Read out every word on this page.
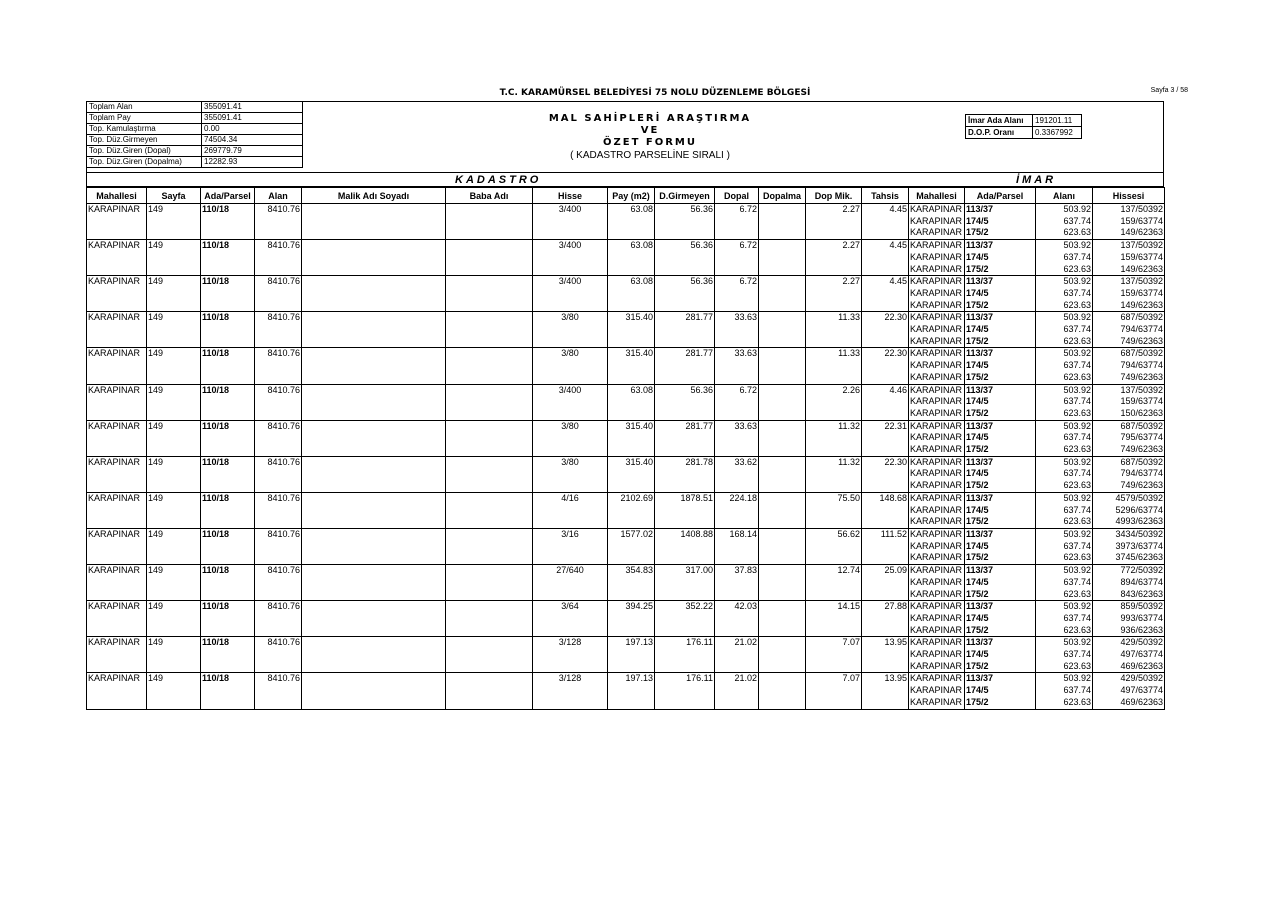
Sayfa 3 / 58
T.C. KARAMÜRSEL BELEDİYESİ 75 NOLU DÜZENLEME BÖLGESİ
Toplam Alan	355091.41
Toplam Pay	355091.41
Top. Kamulaştırma	0.00
Top. Düz.Girmeyen	74504.34
Top. Düz.Giren (Dopal)	269779.79
Top. Düz.Giren (Dopalma)	12282.93
MAL SAHİPLERİ ARAŞTIRMA
VE
ÖZET FORMU
( KADASTRO PARSELİNE SIRALI )
İmar Ada Alanı	191201.11
D.O.P. Oranı	0.3367992
KADASTRO	İMAR
Mahallesi	Sayfa	Ada/Parsel	Alan	Malik Adı Soyadı	Baba Adı	Hisse	Pay (m2)	D.Girmeyen	Dopal	Dopalma	Dop Mik.	Tahsis	Mahallesi	Ada/Parsel	Alanı	Hissesi
KARAPINAR	149	110/18	8410.76			3/400	63.08	56.36	6.72		2.27	4.45	KARAPINAR	113/37	503.92	137/50392
													KARAPINAR	174/5	637.74	159/63774
													KARAPINAR	175/2	623.63	149/62363
KARAPINAR	149	110/18	8410.76			3/400	63.08	56.36	6.72		2.27	4.45	KARAPINAR	113/37	503.92	137/50392
													KARAPINAR	174/5	637.74	159/63774
													KARAPINAR	175/2	623.63	149/62363
KARAPINAR	149	110/18	8410.76			3/400	63.08	56.36	6.72		2.27	4.45	KARAPINAR	113/37	503.92	137/50392
													KARAPINAR	174/5	637.74	159/63774
													KARAPINAR	175/2	623.63	149/62363
KARAPINAR	149	110/18	8410.76			3/80	315.40	281.77	33.63		11.33	22.30	KARAPINAR	113/37	503.92	687/50392
													KARAPINAR	174/5	637.74	794/63774
													KARAPINAR	175/2	623.63	749/62363
KARAPINAR	149	110/18	8410.76			3/80	315.40	281.77	33.63		11.33	22.30	KARAPINAR	113/37	503.92	687/50392
													KARAPINAR	174/5	637.74	794/63774
													KARAPINAR	175/2	623.63	749/62363
KARAPINAR	149	110/18	8410.76			3/400	63.08	56.36	6.72		2.26	4.46	KARAPINAR	113/37	503.92	137/50392
													KARAPINAR	174/5	637.74	159/63774
													KARAPINAR	175/2	623.63	150/62363
KARAPINAR	149	110/18	8410.76			3/80	315.40	281.77	33.63		11.32	22.31	KARAPINAR	113/37	503.92	687/50392
													KARAPINAR	174/5	637.74	795/63774
													KARAPINAR	175/2	623.63	749/62363
KARAPINAR	149	110/18	8410.76			3/80	315.40	281.78	33.62		11.32	22.30	KARAPINAR	113/37	503.92	687/50392
													KARAPINAR	174/5	637.74	794/63774
													KARAPINAR	175/2	623.63	749/62363
KARAPINAR	149	110/18	8410.76			4/16	2102.69	1878.51	224.18		75.50	148.68	KARAPINAR	113/37	503.92	4579/50392
													KARAPINAR	174/5	637.74	5296/63774
													KARAPINAR	175/2	623.63	4993/62363
KARAPINAR	149	110/18	8410.76			3/16	1577.02	1408.88	168.14		56.62	111.52	KARAPINAR	113/37	503.92	3434/50392
													KARAPINAR	174/5	637.74	3973/63774
													KARAPINAR	175/2	623.63	3745/62363
KARAPINAR	149	110/18	8410.76			27/640	354.83	317.00	37.83		12.74	25.09	KARAPINAR	113/37	503.92	772/50392
													KARAPINAR	174/5	637.74	894/63774
													KARAPINAR	175/2	623.63	843/62363
KARAPINAR	149	110/18	8410.76			3/64	394.25	352.22	42.03		14.15	27.88	KARAPINAR	113/37	503.92	859/50392
													KARAPINAR	174/5	637.74	993/63774
													KARAPINAR	175/2	623.63	936/62363
KARAPINAR	149	110/18	8410.76			3/128	197.13	176.11	21.02		7.07	13.95	KARAPINAR	113/37	503.92	429/50392
													KARAPINAR	174/5	637.74	497/63774
													KARAPINAR	175/2	623.63	469/62363
KARAPINAR	149	110/18	8410.76			3/128	197.13	176.11	21.02		7.07	13.95	KARAPINAR	113/37	503.92	429/50392
													KARAPINAR	174/5	637.74	497/63774
													KARAPINAR	175/2	623.63	469/62363
